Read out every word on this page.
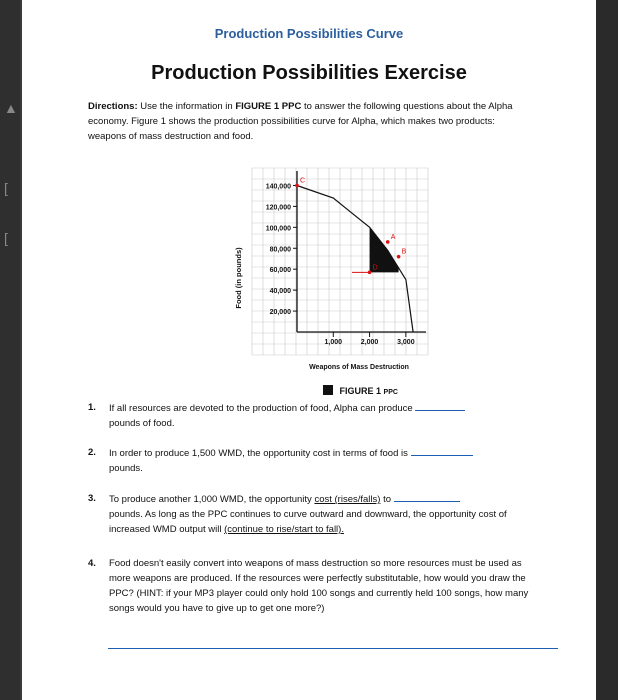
▲
[
[
Production Possibilities Curve
Production Possibilities Exercise
Directions: Use the information in FIGURE 1 PPC to answer the following questions about the Alpha economy. Figure 1 shows the production possibilities curve for Alpha, which makes two products: weapons of mass destruction and food.
140,000
120,000
100,000
80,000
60,000
40,000
20,000
1,000	2,000	3,000
C
A
B
D
Food (in pounds)
Weapons of Mass Destruction
FIGURE 1 PPC
1. If all resources are devoted to the production of food, Alpha can produce
pounds of food.
2. In order to produce 1,500 WMD, the opportunity cost in terms of food is
pounds.
3. To produce another 1,000 WMD, the opportunity cost (rises/falls) to
pounds. As long as the PPC continues to curve outward and downward, the opportunity cost of increased WMD output will (continue to rise/start to fall).
4. Food doesn't easily convert into weapons of mass destruction so more resources must be used as more weapons are produced. If the resources were perfectly substitutable, how would you draw the PPC? (HINT: if your MP3 player could only hold 100 songs and currently held 100 songs, how many songs would you have to give up to get one more?)
